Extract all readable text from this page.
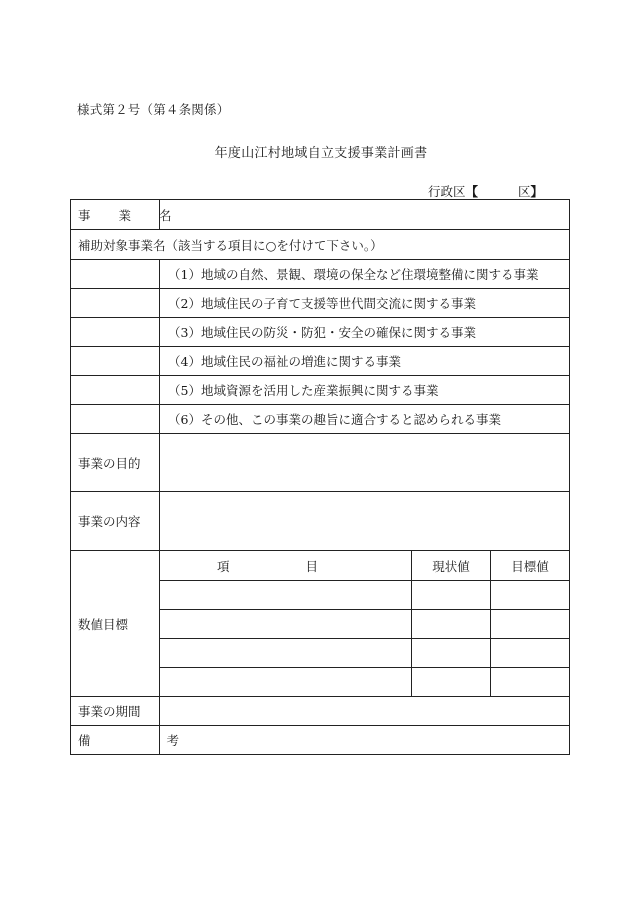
様式第２号（第４条関係）
年度山江村地域自立支援事業計画書
行政区【	区】
事 業 名			
補助対象事業名（該当する項目に○を付けて下さい。）			
	（1）地域の自然、景観、環境の保全など住環境整備に関する事業		
	（2）地域住民の子育て支援等世代間交流に関する事業		
	（3）地域住民の防災・防犯・安全の確保に関する事業		
	（4）地域住民の福祉の増進に関する事業		
	（5）地域資源を活用した産業振興に関する事業		
	（6）その他、この事業の趣旨に適合すると認められる事業		
事業の目的			
事業の内容			
数値目標	項 目	現状値	目標値

事業の期間			
備 考			
